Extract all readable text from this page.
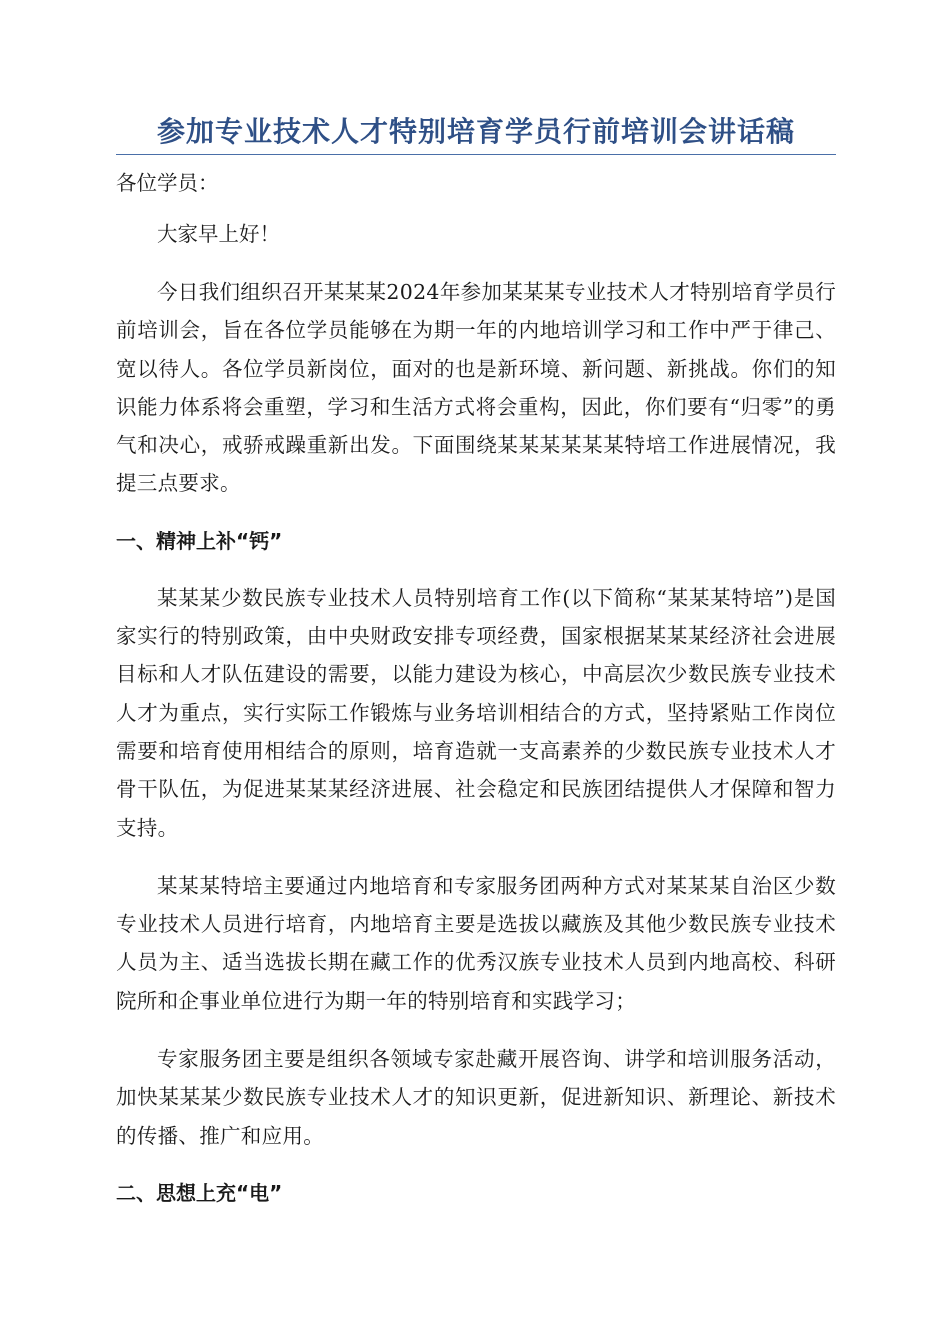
参加专业技术人才特别培育学员行前培训会讲话稿

各位学员：

大家早上好！

今日我们组织召开某某某2024年参加某某某专业技术人才特别培育学员行前培训会，旨在各位学员能够在为期一年的内地培训学习和工作中严于律己、宽以待人。各位学员新岗位，面对的也是新环境、新问题、新挑战。你们的知识能力体系将会重塑，学习和生活方式将会重构，因此，你们要有“归零”的勇气和决心，戒骄戒躁重新出发。下面围绕某某某某某某特培工作进展情况，我提三点要求。

一、精神上补“钙”

某某某少数民族专业技术人员特别培育工作(以下简称“某某某特培”)是国家实行的特别政策，由中央财政安排专项经费，国家根据某某某经济社会进展目标和人才队伍建设的需要，以能力建设为核心，中高层次少数民族专业技术人才为重点，实行实际工作锻炼与业务培训相结合的方式，坚持紧贴工作岗位需要和培育使用相结合的原则，培育造就一支高素养的少数民族专业技术人才骨干队伍，为促进某某某经济进展、社会稳定和民族团结提供人才保障和智力支持。

某某某特培主要通过内地培育和专家服务团两种方式对某某某自治区少数专业技术人员进行培育，内地培育主要是选拔以藏族及其他少数民族专业技术人员为主、适当选拔长期在藏工作的优秀汉族专业技术人员到内地高校、科研院所和企事业单位进行为期一年的特别培育和实践学习；

专家服务团主要是组织各领域专家赴藏开展咨询、讲学和培训服务活动，加快某某某少数民族专业技术人才的知识更新，促进新知识、新理论、新技术的传播、推广和应用。

二、思想上充“电”
